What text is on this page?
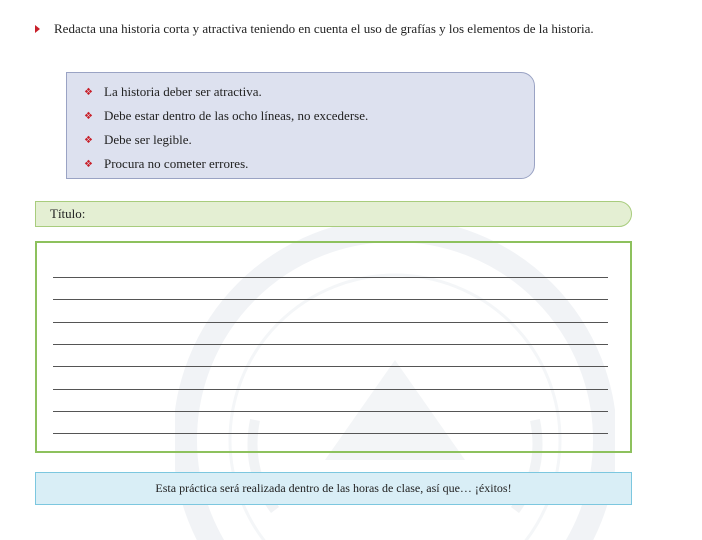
Redacta una historia corta y atractiva teniendo en cuenta el uso de grafías y los elementos de la historia.
❖ La historia deber ser atractiva.
❖ Debe estar dentro de las ocho líneas, no excederse.
❖ Debe ser legible.
❖ Procura no cometer errores.
Título:
Esta práctica será realizada dentro de las horas de clase, así que… ¡éxitos!
